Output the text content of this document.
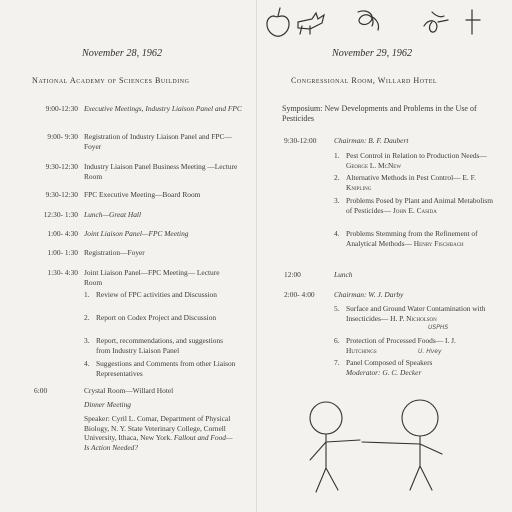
November 28, 1962
National Academy of Sciences Building
9:00-12:30 Executive Meetings, Industry Liaison Panel and FPC
9:00- 9:30 Registration of Industry Liaison Panel and FPC—Foyer
9:30-12:30 Industry Liaison Panel Business Meeting —Lecture Room
9:30-12:30 FPC Executive Meeting—Board Room
12:30- 1:30 Lunch—Great Hall
1:00- 4:30 Joint Liaison Panel—FPC Meeting
1:00- 1:30 Registration—Foyer
1:30- 4:30 Joint Liaison Panel—FPC Meeting— Lecture Room
1. Review of FPC activities and Discussion
2. Report on Codex Project and Discussion
3. Report, recommendations, and suggestions from Industry Liaison Panel
4. Suggestions and Comments from other Liaison Representatives
6:00	Crystal Room—Willard Hotel
Dinner Meeting
Speaker: Cyril L. Comar, Department of Physical Biology, N. Y. State Veterinary College, Cornell University, Ithaca, New York. Fallout and Food—Is Action Needed?
November 29, 1962
Congressional Room, Willard Hotel
Symposium: New Developments and Problems in the Use of Pesticides
9:30-12:00 Chairman: B. F. Daubert
1. Pest Control in Relation to Production Needs— George L. McNew
2. Alternative Methods in Pest Control— E. F. Knipling
3. Problems Posed by Plant and Animal Metabolism of Pesticides— John E. Casida
4. Problems Stemming from the Refinement of Analytical Methods— Henry Fischbach
12:00	Lunch
2:00- 4:00	Chairman: W. J. Darby
5. Surface and Ground Water Contamination with Insecticides— H. P. Nicholson
6. Protection of Processed Foods— I. J. Hutchings
7. Panel Composed of Speakers
Moderator: G. C. Decker
USPHS
U. Hvey
